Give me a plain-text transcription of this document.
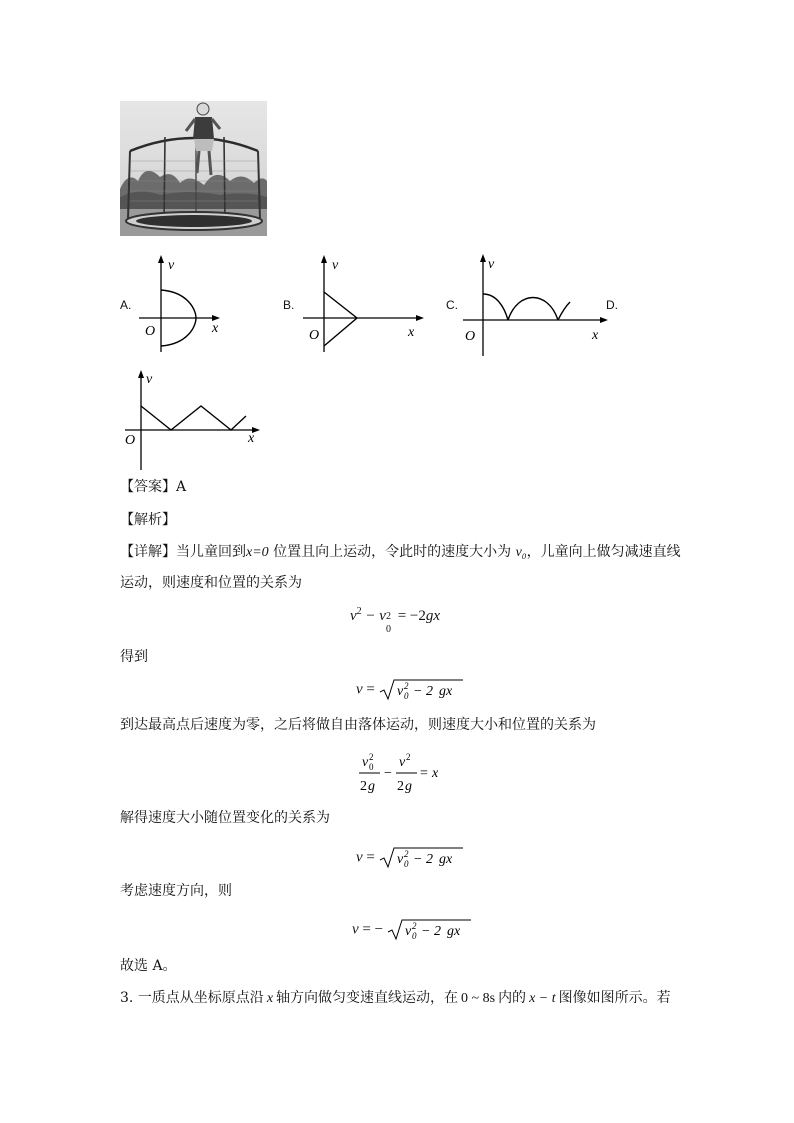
A.
v
x
O
B.
v
x
O
C.
v
x
O
D.
v
x
O
【答案】A
【解析】
【详解】当儿童回到x=0 位置且向上运动，令此时的速度大小为 v₀，儿童向上做匀减速直线
运动，则速度和位置的关系为
$v^2 - v$ 2
0
= −2gx
得到
v = v 2
0 − 2 gx
到达最高点后速度为零，之后将做自由落体运动，则速度大小和位置的关系为
v 2
0
2 g
−
v 2
2 g
= x
解得速度大小随位置变化的关系为
v = v 2
0 − 2 gx
考虑速度方向，则
v = − v 2
0 − 2 gx
故选 A。
3. 一质点从坐标原点沿 x 轴方向做匀变速直线运动，在 0 ~ 8s 内的 x − t 图像如图所示。若
